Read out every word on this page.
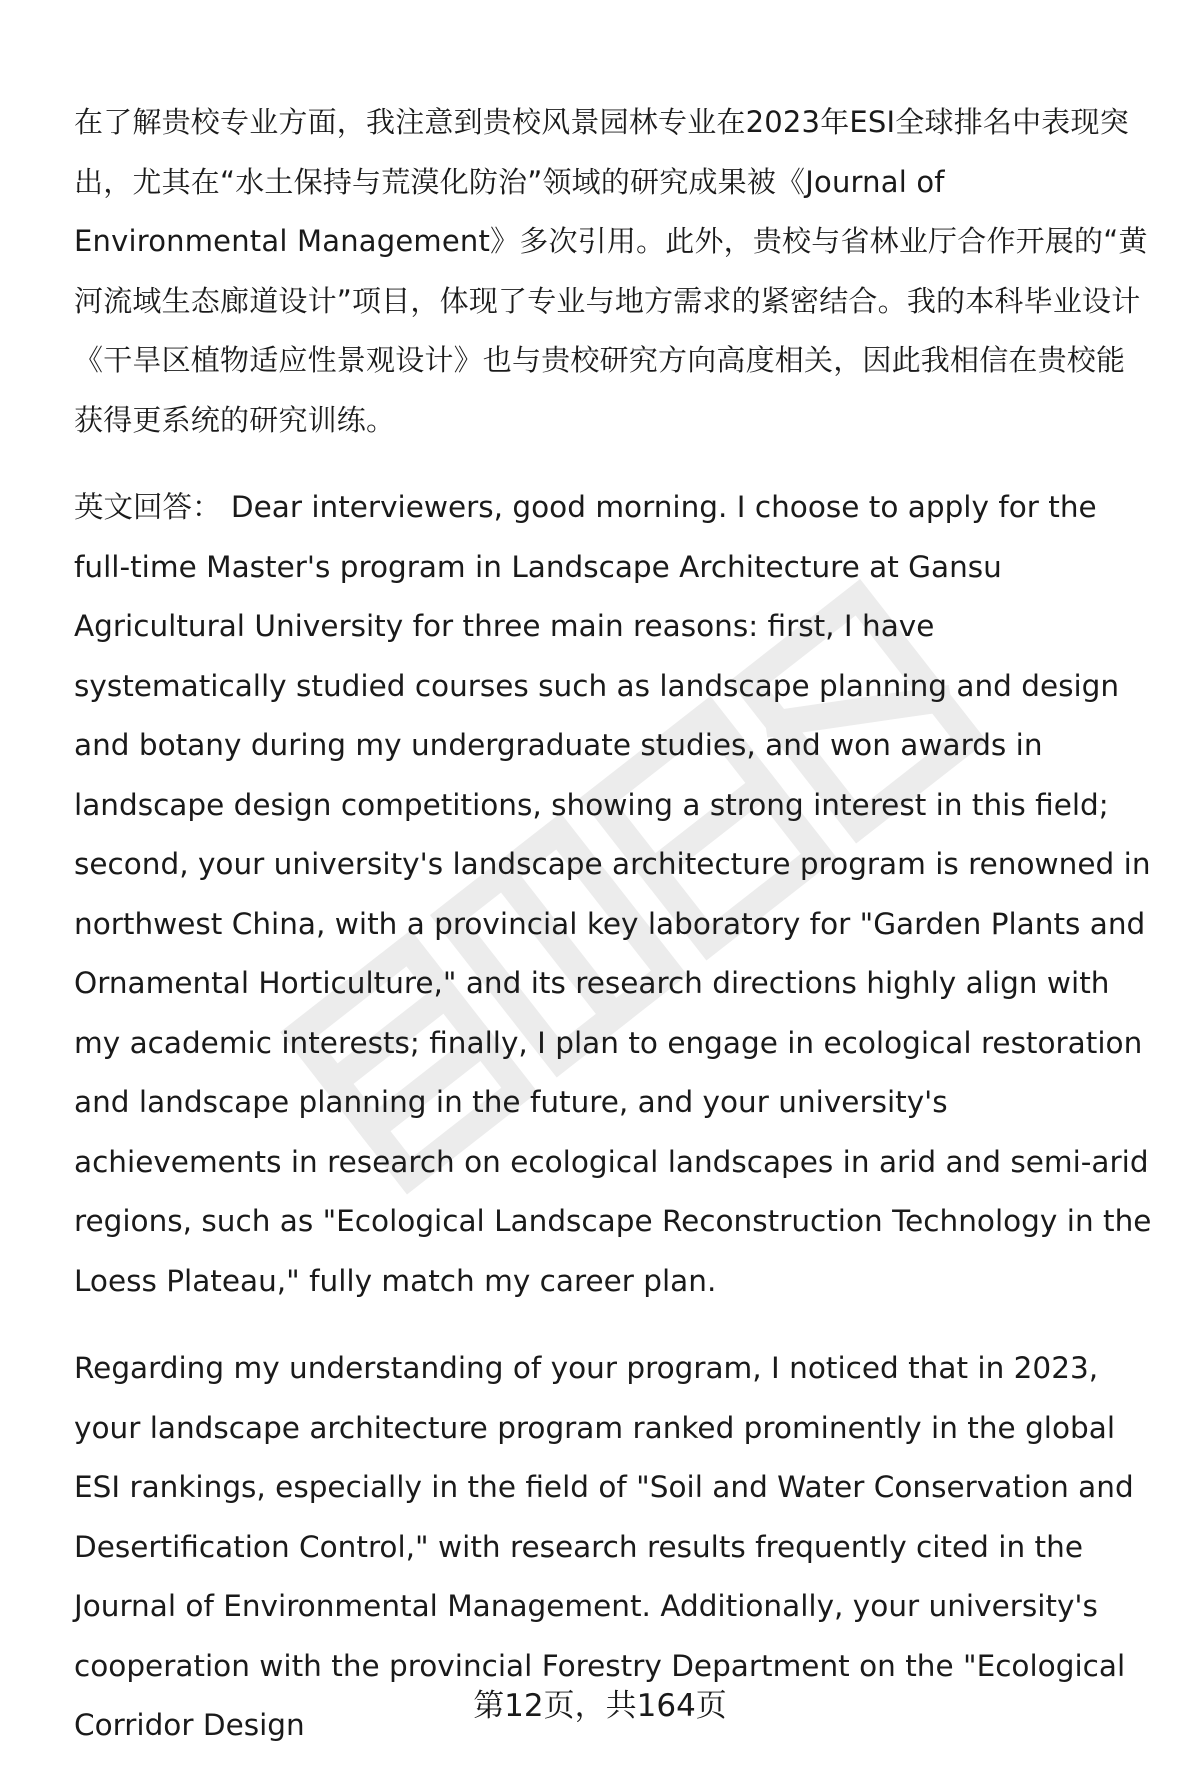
在了解贵校专业方面，我注意到贵校风景园林专业在2023年ESI全球排名中表现突出，尤其在“水土保持与荒漠化防治”领域的研究成果被《Journal of Environmental Management》多次引用。此外，贵校与省林业厅合作开展的“黄河流域生态廊道设计”项目，体现了专业与地方需求的紧密结合。我的本科毕业设计《干旱区植物适应性景观设计》也与贵校研究方向高度相关，因此我相信在贵校能获得更系统的研究训练。

英文回答： Dear interviewers, good morning. I choose to apply for the full-time Master's program in Landscape Architecture at Gansu Agricultural University for three main reasons: first, I have systematically studied courses such as landscape planning and design and botany during my undergraduate studies, and won awards in landscape design competitions, showing a strong interest in this field; second, your university's landscape architecture program is renowned in northwest China, with a provincial key laboratory for "Garden Plants and Ornamental Horticulture," and its research directions highly align with my academic interests; finally, I plan to engage in ecological restoration and landscape planning in the future, and your university's achievements in research on ecological landscapes in arid and semi-arid regions, such as "Ecological Landscape Reconstruction Technology in the Loess Plateau," fully match my career plan.

Regarding my understanding of your program, I noticed that in 2023, your landscape architecture program ranked prominently in the global ESI rankings, especially in the field of "Soil and Water Conservation and Desertification Control," with research results frequently cited in the Journal of Environmental Management. Additionally, your university's cooperation with the provincial Forestry Department on the "Ecological Corridor Design

第12页，共164页
